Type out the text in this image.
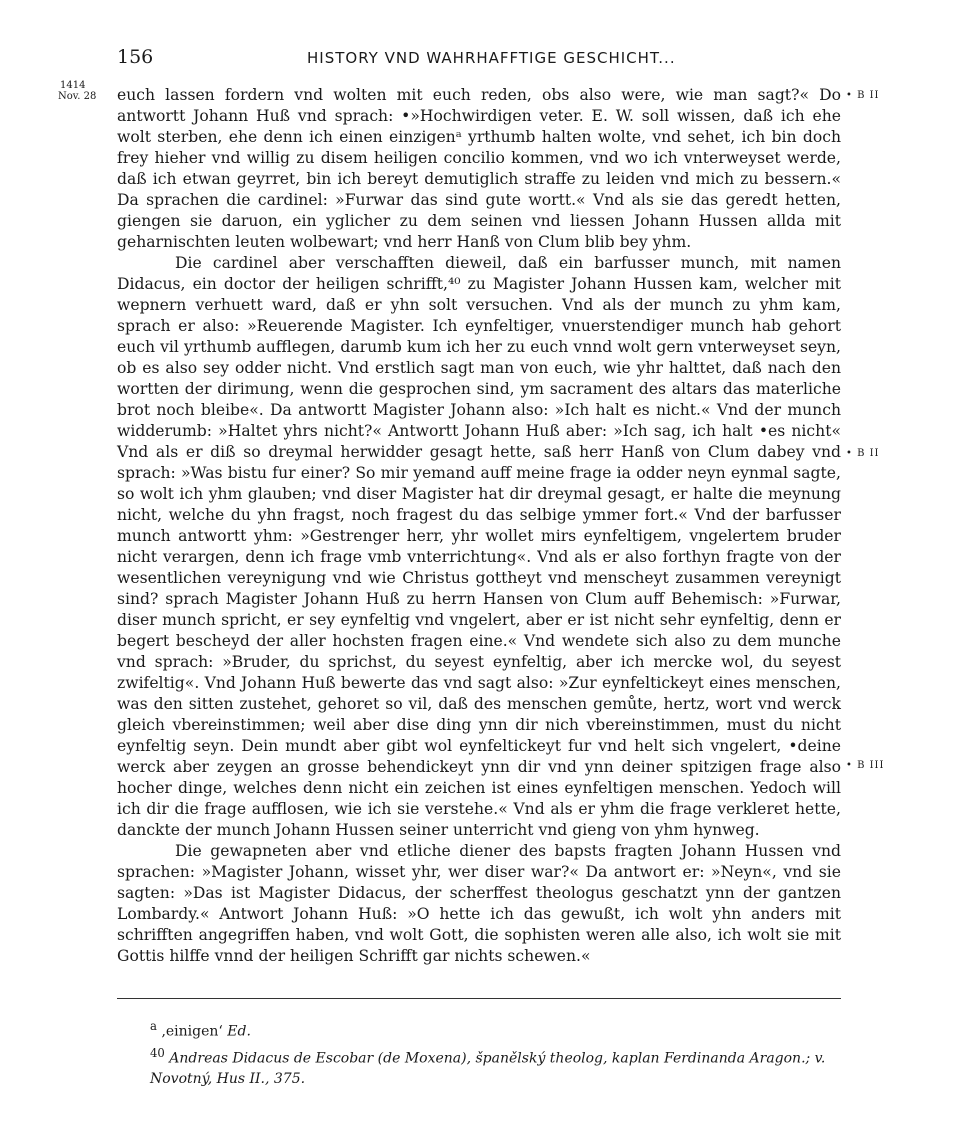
156	HISTORY VND WAHRHAFFTIGE GESCHICHT...
1414
Nov. 28	• B II
• B II
• B III

euch lassen fordern vnd wolten mit euch reden, obs also were, wie man sagt?« Do antwortt Johann Huß vnd sprach: •»Hochwirdigen veter. E. W. soll wissen, daß ich ehe wolt sterben, ehe denn ich einen einzigenᵃ yrthumb halten wolte, vnd sehet, ich bin doch frey hieher vnd willig zu disem heiligen concilio kommen, vnd wo ich vnterweyset werde, daß ich etwan geyrret, bin ich bereyt demutiglich straffe zu leiden vnd mich zu bessern.« Da sprachen die cardinel: »Furwar das sind gute wortt.« Vnd als sie das geredt hetten, giengen sie daruon, ein yglicher zu dem seinen vnd liessen Johann Hussen allda mit geharnischten leuten wolbewart; vnd herr Hanß von Clum blib bey yhm.

Die cardinel aber verschafften dieweil, daß ein barfusser munch, mit namen Didacus, ein doctor der heiligen schrifft,⁴⁰ zu Magister Johann Hussen kam, welcher mit wepnern verhuett ward, daß er yhn solt versuchen. Vnd als der munch zu yhm kam, sprach er also: »Reuerende Magister. Ich eynfeltiger, vnuerstendiger munch hab gehort euch vil yrthumb aufflegen, darumb kum ich her zu euch vnnd wolt gern vnterweyset seyn, ob es also sey odder nicht. Vnd erstlich sagt man von euch, wie yhr halttet, daß nach den wortten der dirimung, wenn die gesprochen sind, ym sacrament des altars das materliche brot noch bleibe«. Da antwortt Magister Johann also: »Ich halt es nicht.« Vnd der munch widderumb: »Haltet yhrs nicht?« Antwortt Johann Huß aber: »Ich sag, ich halt •es nicht« Vnd als er diß so dreymal herwidder gesagt hette, saß herr Hanß von Clum dabey vnd sprach: »Was bistu fur einer? So mir yemand auff meine frage ia odder neyn eynmal sagte, so wolt ich yhm glauben; vnd diser Magister hat dir dreymal gesagt, er halte die meynung nicht, welche du yhn fragst, noch fragest du das selbige ymmer fort.« Vnd der barfusser munch antwortt yhm: »Gestrenger herr, yhr wollet mirs eynfeltigem, vngelertem bruder nicht verargen, denn ich frage vmb vnterrichtung«. Vnd als er also forthyn fragte von der wesentlichen vereynigung vnd wie Christus gottheyt vnd menscheyt zusammen vereynigt sind? sprach Magister Johann Huß zu herrn Hansen von Clum auff Behemisch: »Furwar, diser munch spricht, er sey eynfeltig vnd vngelert, aber er ist nicht sehr eynfeltig, denn er begert bescheyd der aller hochsten fragen eine.« Vnd wendete sich also zu dem munche vnd sprach: »Bruder, du sprichst, du seyest eynfeltig, aber ich mercke wol, du seyest zwifeltig«. Vnd Johann Huß bewerte das vnd sagt also: »Zur eynfeltickeyt eines menschen, was den sitten zustehet, gehoret so vil, daß des menschen gemůte, hertz, wort vnd werck gleich vbereinstimmen; weil aber dise ding ynn dir nich vbereinstimmen, must du nicht eynfeltig seyn. Dein mundt aber gibt wol eynfeltickeyt fur vnd helt sich vngelert, •deine werck aber zeygen an grosse behendickeyt ynn dir vnd ynn deiner spitzigen frage also hocher dinge, welches denn nicht ein zeichen ist eines eynfeltigen menschen. Yedoch will ich dir die frage aufflosen, wie ich sie verstehe.« Vnd als er yhm die frage verkleret hette, danckte der munch Johann Hussen seiner unterricht vnd gieng von yhm hynweg.

Die gewapneten aber vnd etliche diener des bapsts fragten Johann Hussen vnd sprachen: »Magister Johann, wisset yhr, wer diser war?« Da antwort er: »Neyn«, vnd sie sagten: »Das ist Magister Didacus, der scherffest theologus geschatzt ynn der gantzen Lombardy.« Antwort Johann Huß: »O hette ich das gewußt, ich wolt yhn anders mit schrifften angegriffen haben, vnd wolt Gott, die sophisten weren alle also, ich wolt sie mit Gottis hilffe vnnd der heiligen Schrifft gar nichts schewen.«

$^a$ ‚einigen‘ Ed.

$^{40}$ Andreas Didacus de Escobar (de Moxena), španělský theolog, kaplan Ferdinanda Aragon.; v. Novotný, Hus II., 375.
